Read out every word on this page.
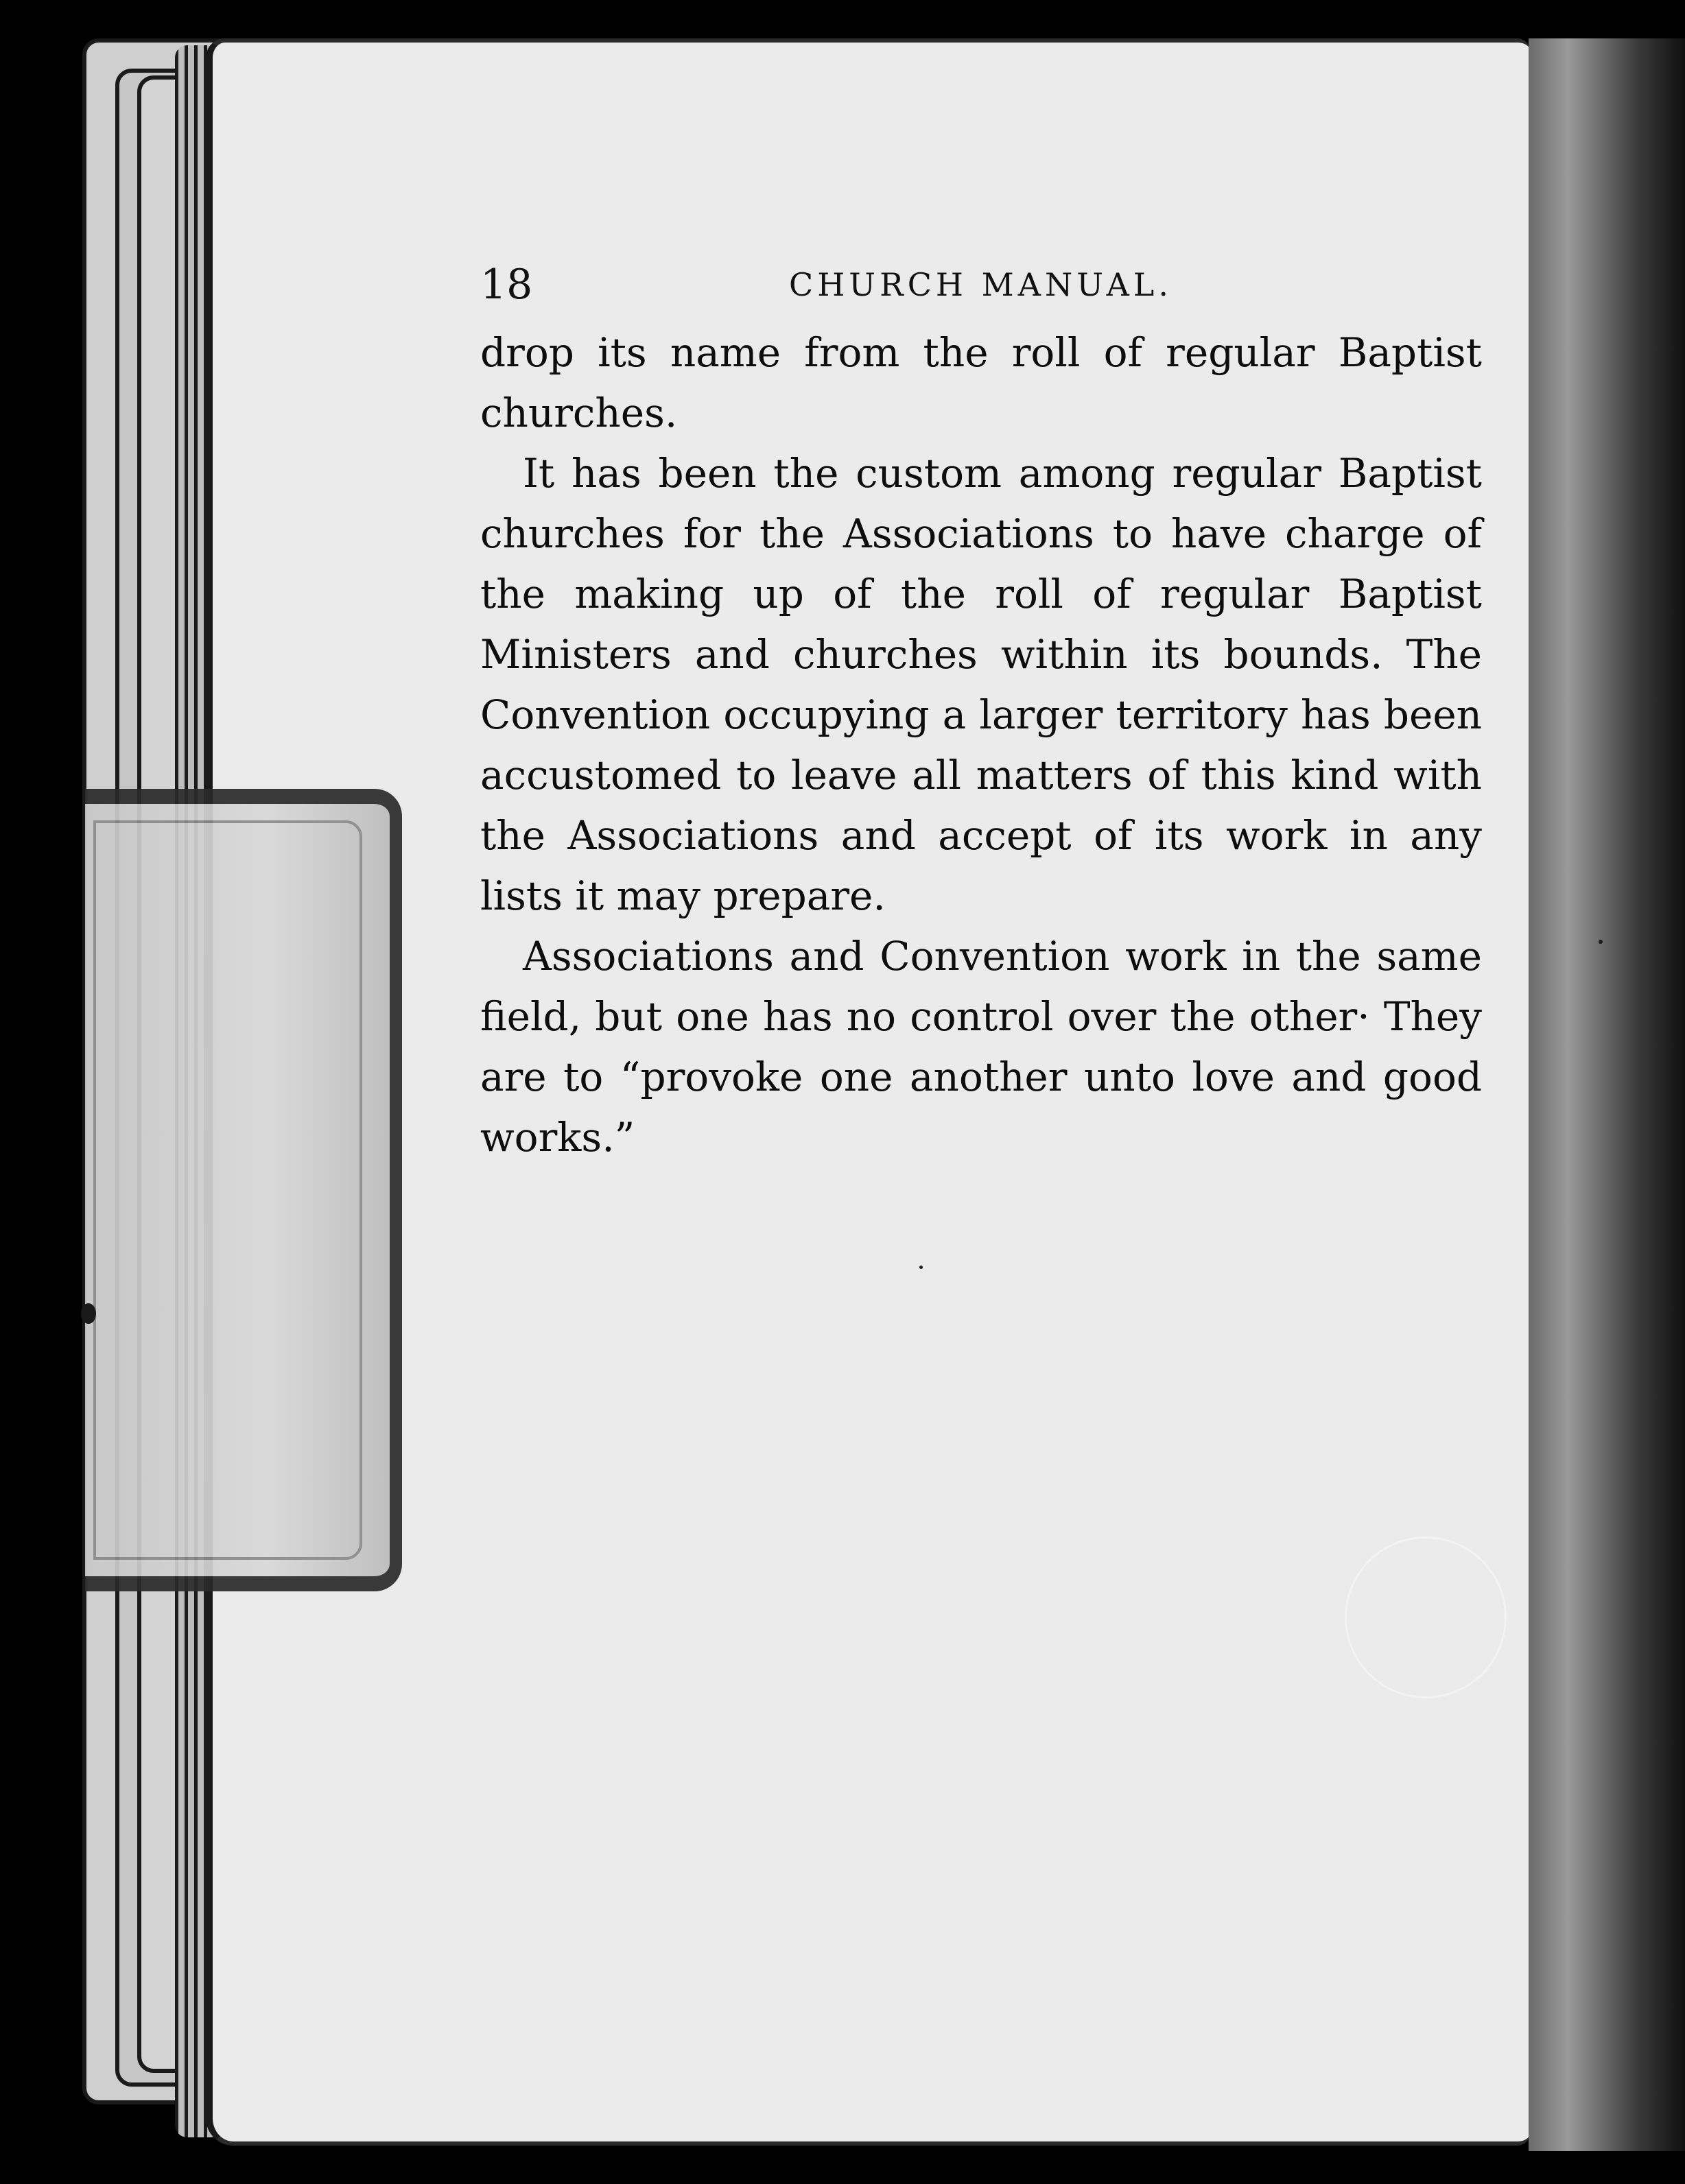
18	CHURCH MANUAL.

drop its name from the roll of regular Baptist churches.

It has been the custom among regular Baptist churches for the Associations to have charge of the making up of the roll of regular Baptist Ministers and churches within its bounds. The Convention occupying a larger territory has been accustomed to leave all matters of this kind with the Associations and accept of its work in any lists it may prepare.

Associations and Convention work in the same field, but one has no control over the other· They are to “provoke one another unto love and good works.”
